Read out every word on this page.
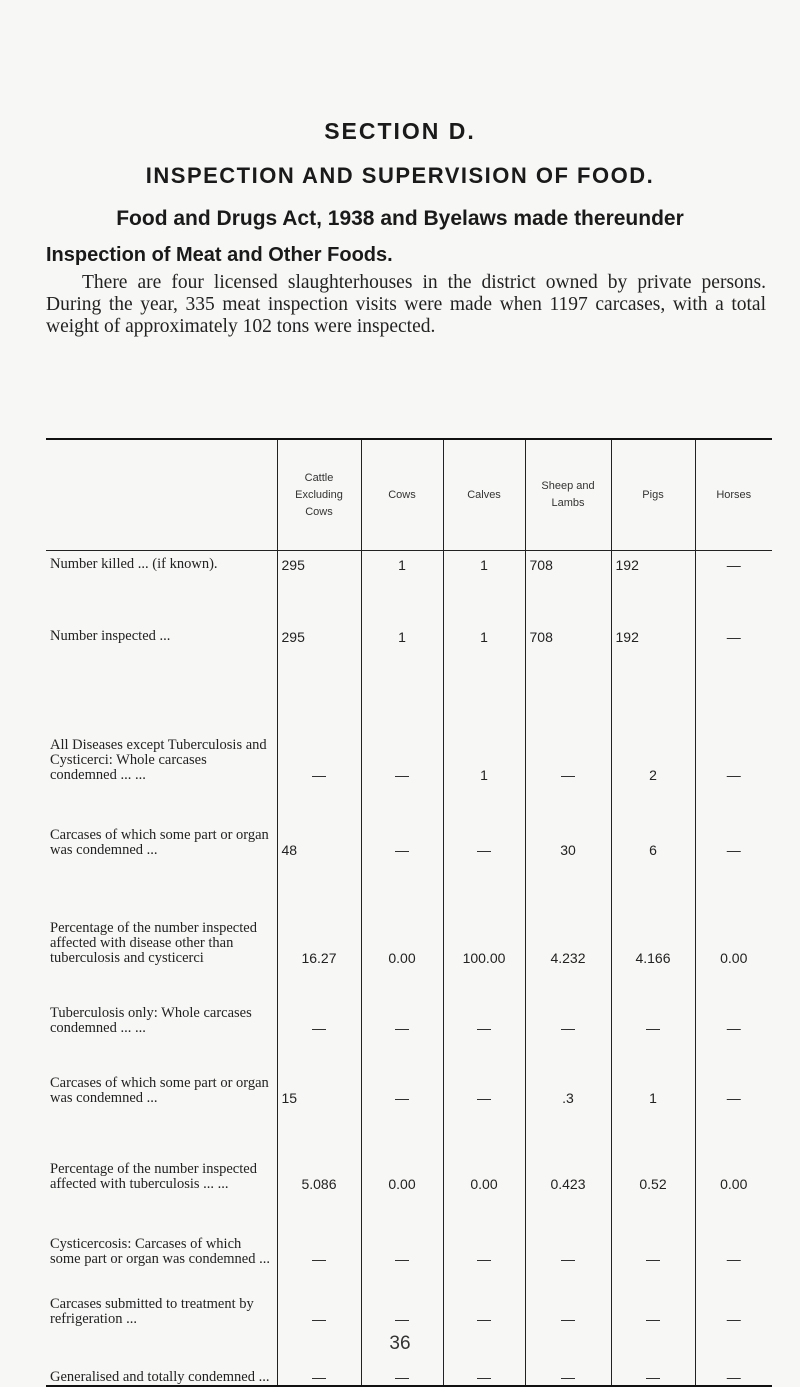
SECTION D.
INSPECTION AND SUPERVISION OF FOOD.
Food and Drugs Act, 1938 and Byelaws made thereunder
Inspection of Meat and Other Foods.

There are four licensed slaughterhouses in the district owned by private persons. During the year, 335 meat inspection visits were made when 1197 carcases, with a total weight of approximately 102 tons were inspected.

	Cattle Excluding Cows	Cows	Calves	Sheep and Lambs	Pigs	Horses
Number killed ... (if known).	295	1	1	708	192	—
Number inspected ...	295	1	1	708	192	—
All Diseases except Tuberculosis and Cysticerci: Whole carcases condemned ... ...	—	—	1	—	2	—
Carcases of which some part or organ was condemned ...	48	—	—	30	6	—
Percentage of the number inspected affected with disease other than tuberculosis and cysticerci	16.27	0.00	100.00	4.232	4.166	0.00
Tuberculosis only: Whole carcases condemned ... ...	—	—	—	—	—	—
Carcases of which some part or organ was condemned ...	15	—	—	.3	1	—
Percentage of the number inspected affected with tuberculosis ... ...	5.086	0.00	0.00	0.423	0.52	0.00
Cysticercosis: Carcases of which some part or organ was condemned ...	—	—	—	—	—	—
Carcases submitted to treatment by refrigeration ...	—	—	—	—	—	—
Generalised and totally condemned ...	—	—	—	—	—	—
36
